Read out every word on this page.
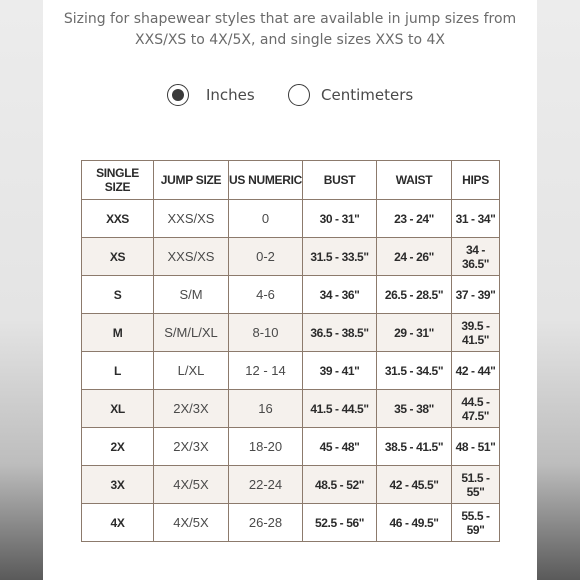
Sizing for shapewear styles that are available in jump sizes from
XXS/XS to 4X/5X, and single sizes XXS to 4X

Inches	Centimeters
SINGLE SIZE	JUMP SIZE	US NUMERIC	BUST	WAIST	HIPS
XXS	XXS/XS	0	30 - 31"	23 - 24"	31 - 34"
XS	XXS/XS	0-2	31.5 - 33.5"	24 - 26"	34 - 36.5"
S	S/M	4-6	34 - 36"	26.5 - 28.5"	37 - 39"
M	S/M/L/XL	8-10	36.5 - 38.5"	29 - 31"	39.5 - 41.5"
L	L/XL	12 - 14	39 - 41"	31.5 - 34.5"	42 - 44"
XL	2X/3X	16	41.5 - 44.5"	35 - 38"	44.5 - 47.5"
2X	2X/3X	18-20	45 - 48"	38.5 - 41.5"	48 - 51"
3X	4X/5X	22-24	48.5 - 52"	42 - 45.5"	51.5 - 55"
4X	4X/5X	26-28	52.5 - 56"	46 - 49.5"	55.5 - 59"
